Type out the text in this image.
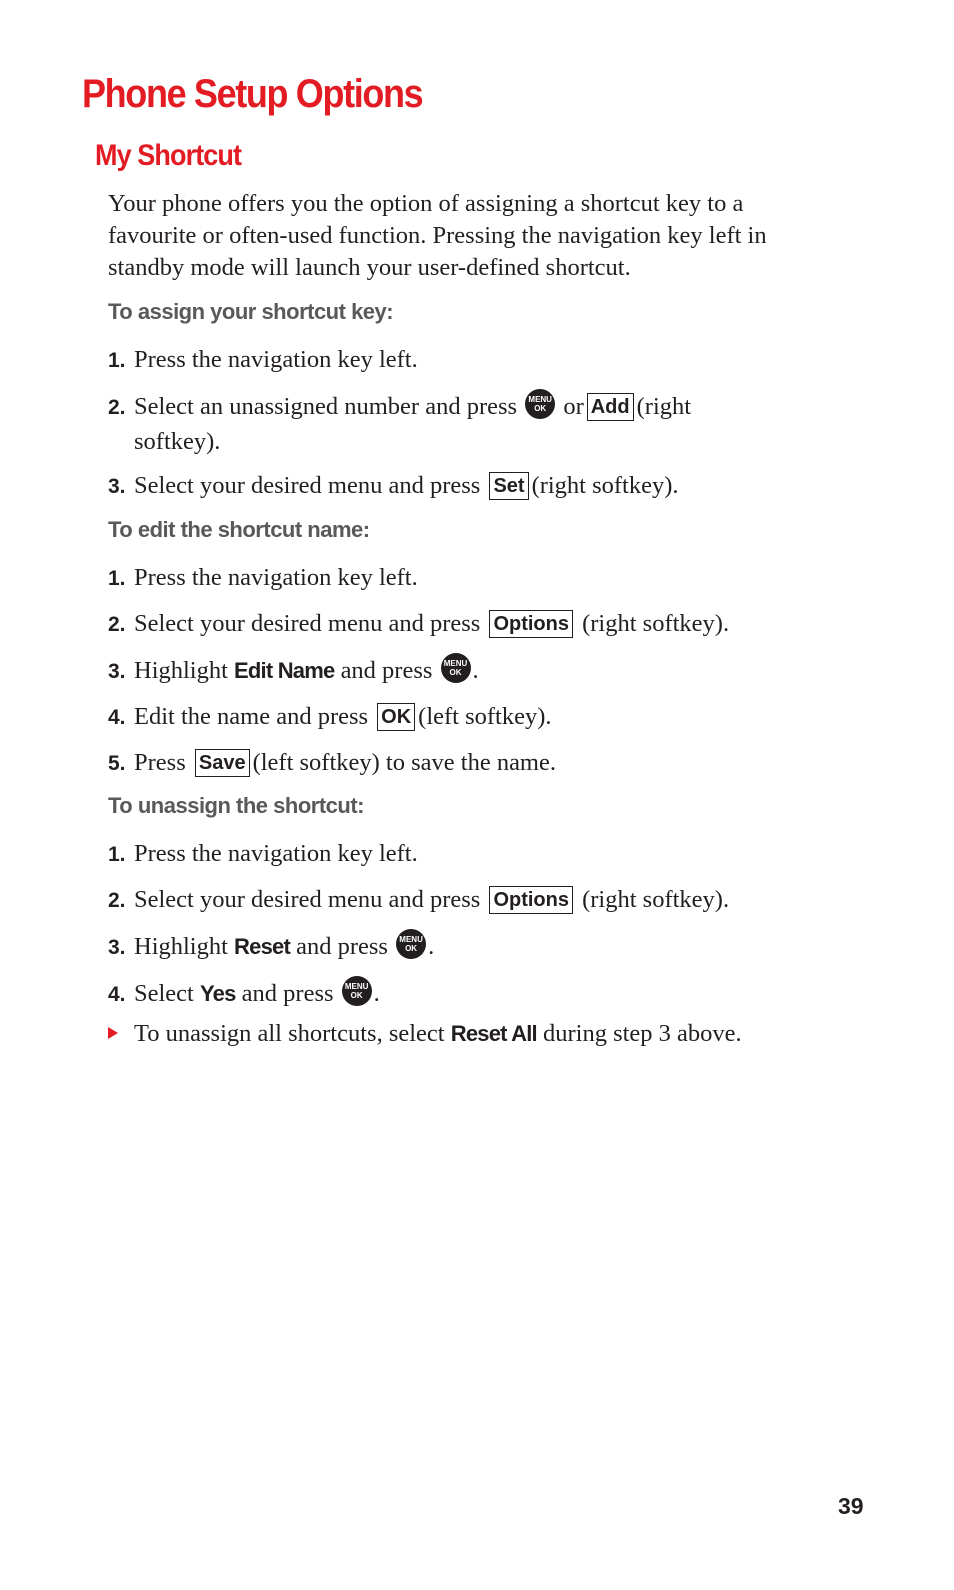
Phone Setup Options
My Shortcut

Your phone offers you the option of assigning a shortcut key to a favourite or often-used function. Pressing the navigation key left in standby mode will launch your user-defined shortcut.

To assign your shortcut key:

1. Press the navigation key left.

2. Select an unassigned number and press	MENU
OK or Add (right
softkey).

3. Select your desired menu and press Set (right softkey).

To edit the shortcut name:

1. Press the navigation key left.

2. Select your desired menu and press Options (right softkey).

3. Highlight Edit Name and press	MENU
OK .

4. Edit the name and press OK (left softkey).

5. Press Save (left softkey) to save the name.

To unassign the shortcut:

1. Press the navigation key left.

2. Select your desired menu and press Options (right softkey).

3. Highlight Reset and press	MENU
OK .

4. Select Yes and press	MENU
OK .

To unassign all shortcuts, select Reset All during step 3 above.

39
